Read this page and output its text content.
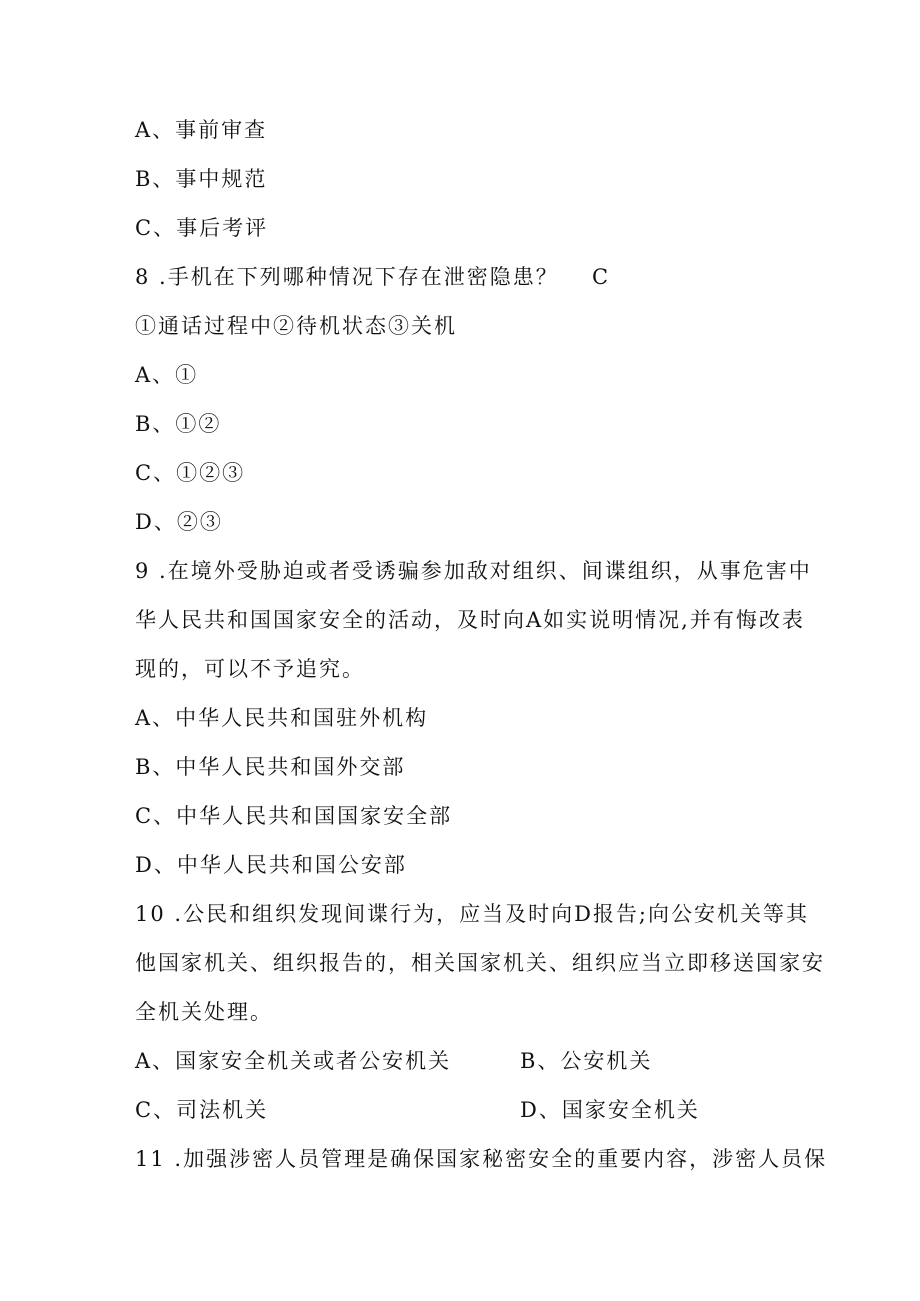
A、事前审查
B、事中规范
C、事后考评
8 .手机在下列哪种情况下存在泄密隐患？ C
①通话过程中②待机状态③关机
A、①
B、①②
C、①②③
D、②③
9 .在境外受胁迫或者受诱骗参加敌对组织、间谍组织，从事危害中
华人民共和国国家安全的活动，及时向A如实说明情况,并有悔改表
现的，可以不予追究。
A、中华人民共和国驻外机构
B、中华人民共和国外交部
C、中华人民共和国国家安全部
D、中华人民共和国公安部
10 .公民和组织发现间谍行为，应当及时向D报告;向公安机关等其
他国家机关、组织报告的，相关国家机关、组织应当立即移送国家安
全机关处理。
A、国家安全机关或者公安机关	B、公安机关
C、司法机关	D、国家安全机关
11 .加强涉密人员管理是确保国家秘密安全的重要内容，涉密人员保
